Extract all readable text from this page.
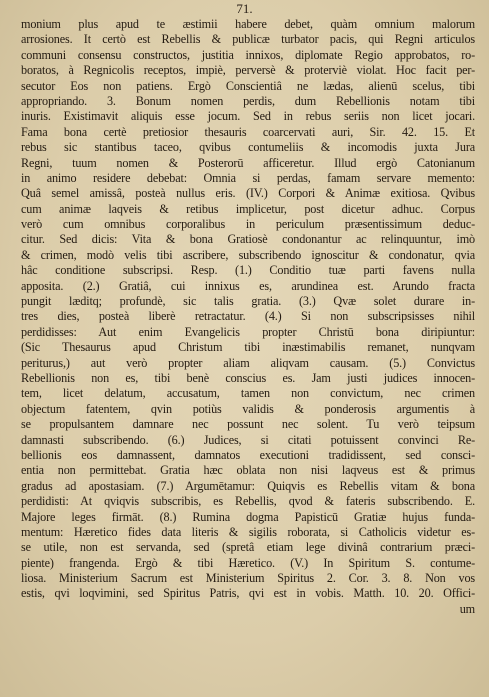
71.
monium plus apud te æstimii habere debet, quàm omnium malorum
arrosiones. It certò est Rebellis & publicæ turbator pacis, qui Regni articulos
communi consensu constructos, justitia innixos, diplomate Regio approbatos, ro-
boratos, à Regnicolis receptos, impiè, perversè & proterviè violat. Hoc facit per-
secutor Eos non patiens. Ergò Conscientiâ ne lædas, alienū scelus, tibi
appropriando. 3. Bonum nomen perdis, dum Rebellionis notam tibi
inuris. Existimavit aliquis esse jocum. Sed in rebus seriis non licet jocari.
Fama bona certè pretiosior thesauris coarcervati auri, Sir. 42. 15. Et
rebus sic stantibus taceo, qvibus contumeliis & incomodis juxta Jura
Regni, tuum nomen & Posterorū afficeretur. Illud ergò Catonianum
in animo residere debebat: Omnia si perdas, famam servare memento:
Quâ semel amissâ, posteà nullus eris. (IV.) Corpori & Animæ exitiosa. Qvibus
cum animæ laqveis & retibus implicetur, post dicetur adhuc. Corpus
verò cum omnibus corporalibus in periculum præsentissimum deduc-
citur. Sed dicis: Vita & bona Gratiosè condonantur ac relinquuntur, imò
& crimen, modò velis tibi ascribere, subscribendo ignoscitur & condonatur, qvia
hâc conditione subscripsi. Resp. (1.) Conditio tuæ parti favens nulla
apposita. (2.) Gratiâ, cui innixus es, arundinea est. Arundo fracta
pungit læditq; profundè, sic talis gratia. (3.) Qvæ solet durare in-
tres dies, posteà liberè retractatur. (4.) Si non subscripsisses nihil
perdidisses: Aut enim Evangelicis propter Christū bona diripiuntur:
(Sic Thesaurus apud Christum tibi inæstimabilis remanet, nunqvam
periturus,) aut verò propter aliam aliqvam causam. (5.) Convictus
Rebellionis non es, tibi benè conscius es. Jam justi judices innocen-
tem, licet delatum, accusatum, tamen non convictum, nec crimen
objectum fatentem, qvin potiùs validis & ponderosis argumentis à
se propulsantem damnare nec possunt nec solent. Tu verò teipsum
damnasti subscribendo. (6.) Judices, si citati potuissent convinci Re-
bellionis eos damnassent, damnatos executioni tradidissent, sed consci-
entia non permittebat. Gratia hæc oblata non nisi laqveus est & primus
gradus ad apostasiam. (7.) Argumētamur: Quiqvis es Rebellis vitam & bona
perdidisti: At qviqvis subscribis, es Rebellis, qvod & fateris subscribendo. E.
Majore leges firmāt. (8.) Rumina dogma Papisticū Gratiæ hujus funda-
mentum: Hæretico fides data literis & sigilis roborata, si Catholicis videtur es-
se utile, non est servanda, sed (spretâ etiam lege divinâ contrarium præci-
piente) frangenda. Ergò & tibi Hæretico. (V.) In Spiritum S. contume-
liosa. Ministerium Sacrum est Ministerium Spiritus 2. Cor. 3. 8. Non vos
estis, qvi loqvimini, sed Spiritus Patris, qvi est in vobis. Matth. 10. 20. Offici-
um
